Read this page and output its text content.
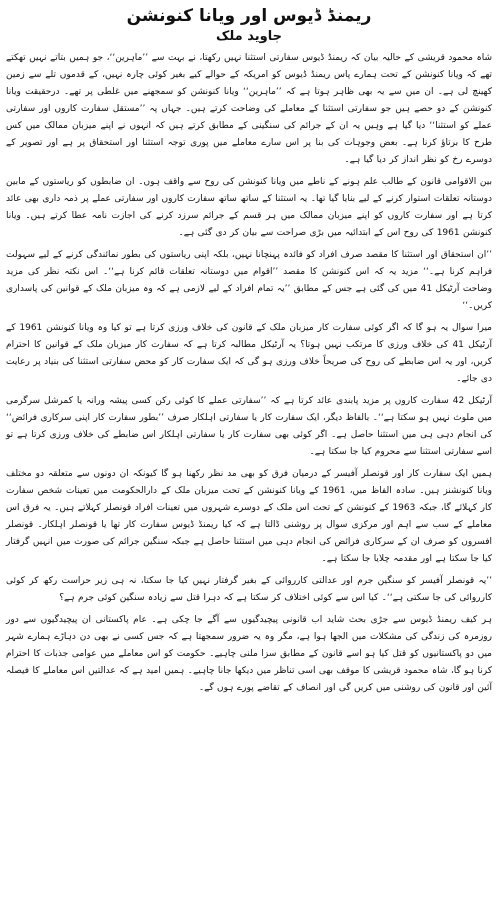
ریمنڈ ڈیوس اور ویانا کنونشن
جاوید ملک

شاہ محمود قریشی کے حالیہ بیان کہ ریمنڈ ڈیوس سفارتی استثنا نہیں رکھتا، نے بہت سے ’’ماہرین‘‘، جو ہمیں بتاتے نہیں تھکتے تھے کہ ویانا کنونشن کے تحت ہمارے پاس ریمنڈ ڈیوس کو امریکہ کے حوالے کیے بغیر کوئی چارہ نہیں، کے قدموں تلے سے زمین کھینچ لی ہے۔ ان میں سے یہ بھی ظاہر ہوتا ہے کہ ’’ماہرین‘‘ ویانا کنونشن کو سمجھنے میں غلطی پر تھے۔ درحقیقت ویانا کنونشن کے دو حصے ہیں جو سفارتی استثنا کے معاملے کی وضاحت کرتے ہیں۔ جہاں پہ ’’مستقل سفارت کاروں اور سفارتی عملے کو استثنا‘‘ دیا گیا ہے وہیں یہ ان کے جرائم کی سنگینی کے مطابق کرتے ہیں کہ انہوں نے اپنے میزبان ممالک میں کس طرح کا برتاؤ کرنا ہے۔ بعض وجوہات کی بنا پر اس سارے معاملے میں پوری توجہ استثنا اور استحقاق پر ہے اور تصویر کے دوسرے رخ کو نظر انداز کر دیا گیا ہے۔

بین الاقوامی قانون کے طالب علم ہونے کے ناطے میں ویانا کنونشن کی روح سے واقف ہوں۔ ان ضابطوں کو ریاستوں کے مابین دوستانہ تعلقات استوار کرنے کے لیے بنایا گیا تھا۔ یہ استثنا کے ساتھ ساتھ سفارت کاروں اور سفارتی عملے پر ذمہ داری بھی عائد کرتا ہے اور سفارت کاروں کو اپنے میزبان ممالک میں ہر قسم کے جرائم سرزد کرنے کی اجازت نامہ عطا کرتے ہیں۔ ویانا کنونشن 1961 کی روح اس کے ابتدائیہ میں بڑی صراحت سے بیان کر دی گئی ہے۔

’’ان استحقاق اور استثنا کا مقصد صرف افراد کو فائدہ پہنچانا نہیں، بلکہ اپنی ریاستوں کی بطور نمائندگی کرنے کے لیے سہولت فراہم کرنا ہے۔‘‘ مزید یہ کہ اس کنونشن کا مقصد ’’اقوام میں دوستانہ تعلقات قائم کرنا ہے‘‘۔ اس نکتہ نظر کی مزید وضاحت آرٹیکل 41 میں کی گئی ہے جس کے مطابق ’’یہ تمام افراد کے لیے لازمی ہے کہ وہ میزبان ملک کے قوانین کی پاسداری کریں۔‘‘

میرا سوال یہ ہو گا کہ اگر کوئی سفارت کار میزبان ملک کے قانون کی خلاف ورزی کرتا ہے تو کیا وہ ویانا کنونشن 1961 کے آرٹیکل 41 کی خلاف ورزی کا مرتکب نہیں ہوتا؟ یہ آرٹیکل مطالبہ کرتا ہے کہ سفارت کار میزبان ملک کے قوانین کا احترام کریں، اور یہ اس ضابطے کی روح کی صریحاً خلاف ورزی ہو گی کہ ایک سفارت کار کو محض سفارتی استثنا کی بنیاد پر رعایت دی جائے۔

آرٹیکل 42 سفارت کاروں پر مزید پابندی عائد کرتا ہے کہ ’’سفارتی عملے کا کوئی رکن کسی پیشہ ورانہ یا کمرشل سرگرمی میں ملوث نہیں ہو سکتا ہے‘‘۔ بالفاظ دیگر، ایک سفارت کار یا سفارتی اہلکار صرف ’’بطور سفارت کار اپنی سرکاری فرائض‘‘ کی انجام دہی ہی میں استثنا حاصل ہے۔ اگر کوئی بھی سفارت کار یا سفارتی اہلکار اس ضابطے کی خلاف ورزی کرتا ہے تو اسے سفارتی استثنا سے محروم کیا جا سکتا ہے۔

ہمیں ایک سفارت کار اور قونصلر آفیسر کے درمیان فرق کو بھی مد نظر رکھنا ہو گا کیونکہ ان دونوں سے متعلقہ دو مختلف ویانا کنونشنز ہیں۔ سادہ الفاظ میں، 1961 کے ویانا کنونشن کے تحت میزبان ملک کے دارالحکومت میں تعینات شخص سفارت کار کہلائے گا، جبکہ 1963 کے کنونشن کے تحت اس ملک کے دوسرے شہروں میں تعینات افراد قونصلر کہلاتے ہیں۔ یہ فرق اس معاملے کے سب سے اہم اور مرکزی سوال پر روشنی ڈالتا ہے کہ کیا ریمنڈ ڈیوس سفارت کار تھا یا قونصلر اہلکار۔ قونصلر افسروں کو صرف ان کے سرکاری فرائض کی انجام دہی میں استثنا حاصل ہے جبکہ سنگین جرائم کی صورت میں انہیں گرفتار کیا جا سکتا ہے اور مقدمہ چلایا جا سکتا ہے۔

’’یہ قونصلر آفیسر کو سنگین جرم اور عدالتی کارروائی کے بغیر گرفتار نہیں کیا جا سکتا، نہ ہی زیر حراست رکھ کر کوئی کارروائی کی جا سکتی ہے‘‘۔ کیا اس سے کوئی اختلاف کر سکتا ہے کہ دہرا قتل سے زیادہ سنگین کوئی جرم ہے؟

ہر کیف ریمنڈ ڈیوس سے جڑی بحث شاید اب قانونی پیچیدگیوں سے آگے جا چکی ہے۔ عام پاکستانی ان پیچیدگیوں سے دور روزمرہ کی زندگی کی مشکلات میں الجھا ہوا ہے، مگر وہ یہ ضرور سمجھتا ہے کہ جس کسی نے بھی دن دہاڑے ہمارے شہر میں دو پاکستانیوں کو قتل کیا ہو اسے قانون کے مطابق سزا ملنی چاہیے۔ حکومت کو اس معاملے میں عوامی جذبات کا احترام کرنا ہو گا، شاہ محمود قریشی کا موقف بھی اسی تناظر میں دیکھا جانا چاہیے۔ ہمیں امید ہے کہ عدالتیں اس معاملے کا فیصلہ آئین اور قانون کی روشنی میں کریں گی اور انصاف کے تقاضے پورے ہوں گے۔
